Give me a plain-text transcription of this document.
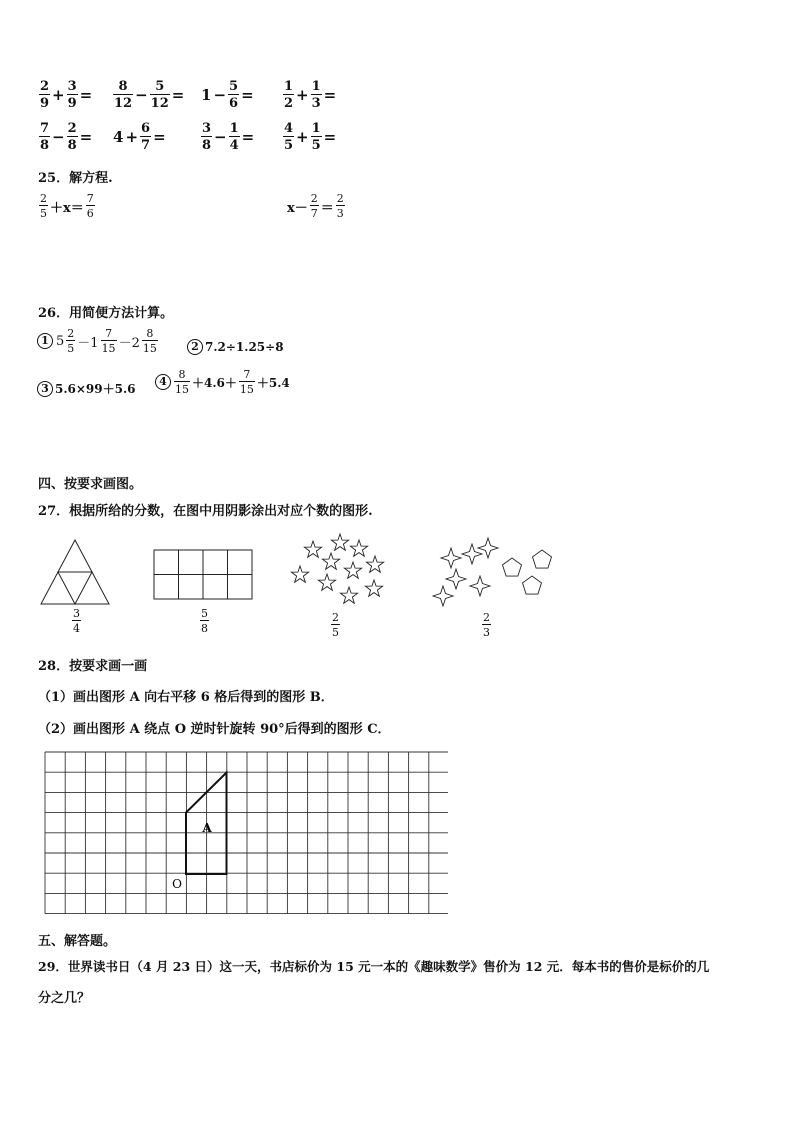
$\frac{2}{9} + \frac{3}{9} = \frac{8}{12} - \frac{5}{12} = 1 - \frac{5}{6} = \frac{1}{2} + \frac{1}{3}$ =
$\frac{7}{8} - \frac{2}{8} = 4 + \frac{6}{7}$ =	$\frac{3}{8} - \frac{1}{4} = \frac{4}{5} + \frac{1}{5}$ =
25．解方程.
$\frac{2}{5} +x= \frac{7}{6}$	$x- \frac{2}{7} = \frac{2}{3}$
26．用简便方法计算。
1 $5 \frac{2}{5} -1 \frac{7}{15} -2 \frac{8}{15}$	2 7.2÷1.25÷8
3 5.6×99＋5.6
$4 \frac{8}{15} +4.6+ \frac{7}{15} +5.4$
四、按要求画图。
27．根据所给的分数，在图中用阴影涂出对应个数的图形.
$\frac{3}{4}$	$\frac{5}{8}$	$\frac{2}{5}$	$\frac{2}{3}$
28．按要求画一画
（1）画出图形 A 向右平移 6 格后得到的图形 B．
（2）画出图形 A 绕点 O 逆时针旋转 90°后得到的图形 C．
A
O
五、解答题。
29．世界读书日（4 月 23 日）这一天，书店标价为 15 元一本的《趣味数学》售价为 12 元．每本书的售价是标价的几
分之几？
